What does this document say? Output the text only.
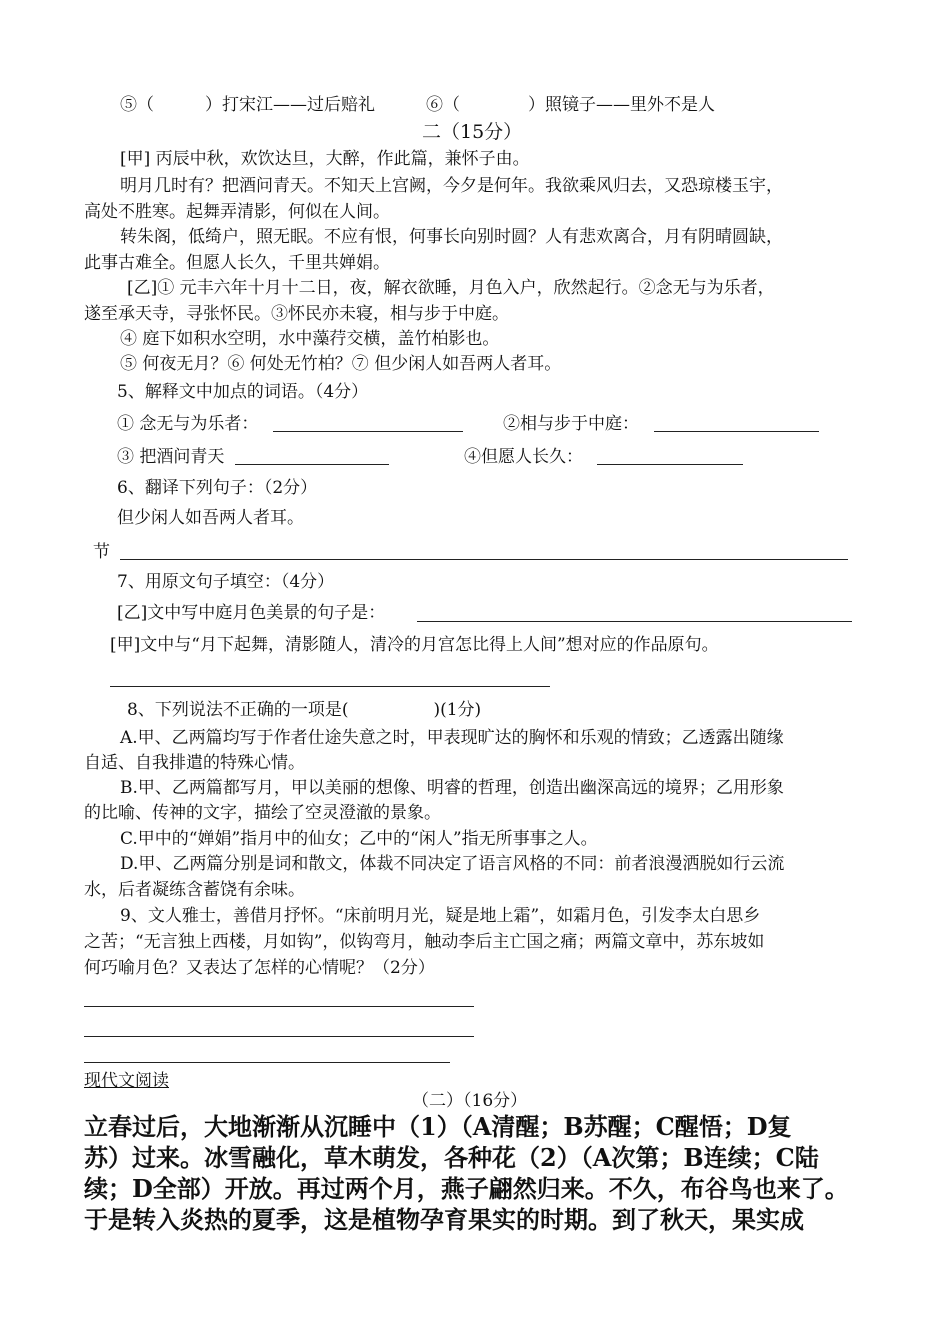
⑤（　　　）打宋江——过后赔礼　　　⑥（　　　　）照镜子——里外不是人
二（15分）
[甲] 丙辰中秋，欢饮达旦，大醉，作此篇，兼怀子由。
明月几时有？把酒问青天。不知天上宫阙，今夕是何年。我欲乘风归去，又恐琼楼玉宇，
高处不胜寒。起舞弄清影，何似在人间。
转朱阁，低绮户，照无眠。不应有恨，何事长向别时圆？人有悲欢离合，月有阴晴圆缺，
此事古难全。但愿人长久，千里共婵娟。
[乙]① 元丰六年十月十二日，夜，解衣欲睡，月色入户，欣然起行。②念无与为乐者，
遂至承天寺，寻张怀民。③怀民亦未寝，相与步于中庭。
④ 庭下如积水空明，水中藻荇交横，盖竹柏影也。
⑤ 何夜无月？⑥ 何处无竹柏？⑦ 但少闲人如吾两人者耳。
5、解释文中加点的词语。（4分）
① 念无与为乐者：	②相与步于中庭：
③ 把酒问青天	④但愿人长久：
6、翻译下列句子：（2分）
但少闲人如吾两人者耳。
节
7、用原文句子填空：（4分）
[乙]文中写中庭月色美景的句子是：
[甲]文中与“月下起舞，清影随人，清冷的月宫怎比得上人间”想对应的作品原句。
8、下列说法不正确的一项是(　　　　　)(1分)
A.甲、乙两篇均写于作者仕途失意之时，甲表现旷达的胸怀和乐观的情致；乙透露出随缘
自适、自我排遣的特殊心情。
B.甲、乙两篇都写月，甲以美丽的想像、明睿的哲理，创造出幽深高远的境界；乙用形象
的比喻、传神的文字，描绘了空灵澄澈的景象。
C.甲中的“婵娟”指月中的仙女；乙中的“闲人”指无所事事之人。
D.甲、乙两篇分别是词和散文，体裁不同决定了语言风格的不同：前者浪漫洒脱如行云流
水，后者凝练含蓄饶有余味。
9、文人雅士，善借月抒怀。“床前明月光，疑是地上霜”，如霜月色，引发李太白思乡
之苦；“无言独上西楼，月如钩”，似钩弯月，触动李后主亡国之痛；两篇文章中，苏东坡如
何巧喻月色？又表达了怎样的心情呢？（2分）
现代文阅读
（二）（16分）
立春过后，大地渐渐从沉睡中（1）（A清醒；B苏醒；C醒悟；D复
苏）过来。冰雪融化，草木萌发，各种花（2）（A次第；B连续；C陆
续；D全部）开放。再过两个月，燕子翩然归来。不久，布谷鸟也来了。
于是转入炎热的夏季，这是植物孕育果实的时期。到了秋天，果实成
